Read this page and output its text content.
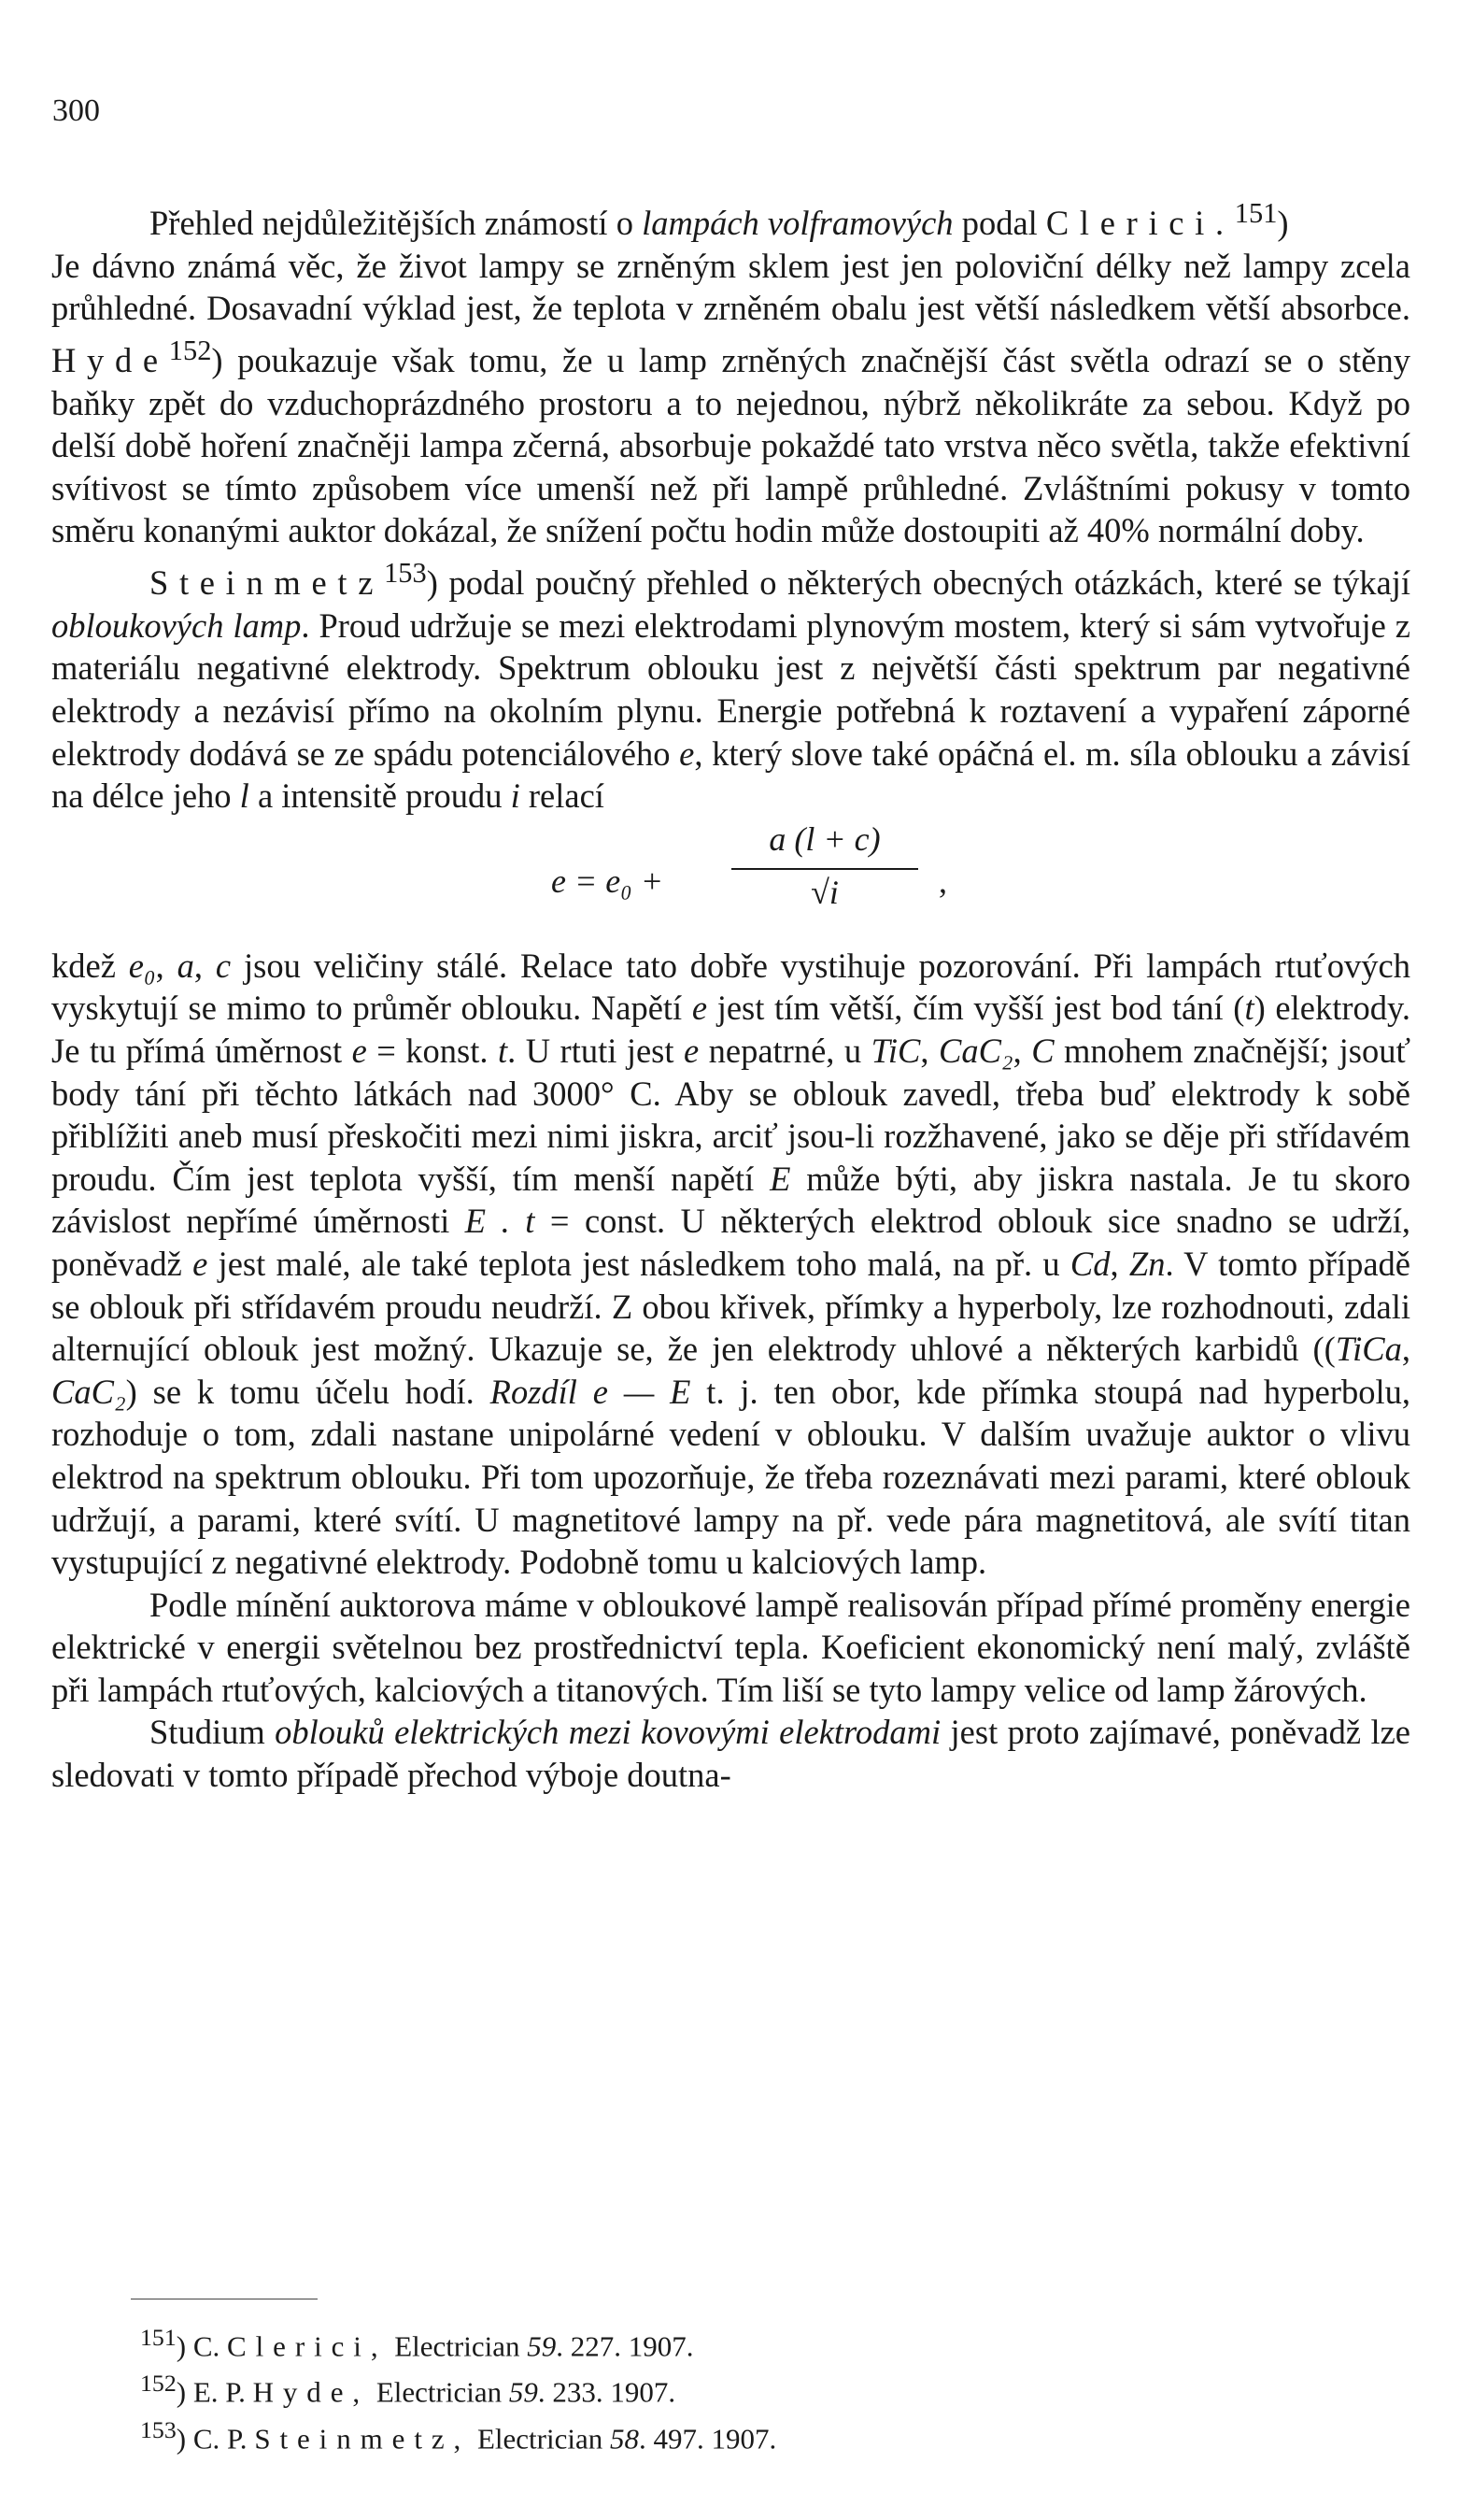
300

Přehled nejdůležitějších známostí o lampách volframových podal Clerici.$^{151}$)

Je dávno známá věc, že život lampy se zrněným sklem jest jen poloviční délky než lampy zcela průhledné. Dosavadní výklad jest, že teplota v zrněném obalu jest větší následkem větší absorbce. Hyde$^{152}$) poukazuje však tomu, že u lamp zrněných značnější část světla odrazí se o stěny baňky zpět do vzduchoprázdného prostoru a to nejednou, nýbrž několikráte za sebou. Když po delší době hoření značněji lampa zčerná, absorbuje pokaždé tato vrstva něco světla, takže efektivní svítivost se tímto způsobem více umenší než při lampě průhledné. Zvláštními pokusy v tomto směru konanými auktor dokázal, že snížení počtu hodin může dostoupiti až 40% normální doby.

Steinmetz$^{153}$) podal poučný přehled o některých obecných otázkách, které se týkají obloukových lamp. Proud udržuje se mezi elektrodami plynovým mostem, který si sám vytvořuje z materiálu negativné elektrody. Spektrum oblouku jest z největší části spektrum par negativné elektrody a nezávisí přímo na okolním plynu. Energie potřebná k roztavení a vypaření záporné elektrody dodává se ze spádu potenciálového e, který slove také opáčná el. m. síla oblouku a závisí na délce jeho l a intensitě proudu i relací

e = e₀ +
a (l + c)
√i	,

kdež e₀, a, c jsou veličiny stálé. Relace tato dobře vystihuje pozorování. Při lampách rtuťových vyskytují se mimo to průměr oblouku. Napětí e jest tím větší, čím vyšší jest bod tání (t) elektrody. Je tu přímá úměrnost e = konst. t. U rtuti jest e nepatrné, u TiC, CaC₂, C mnohem značnější; jsouť body tání při těchto látkách nad 3000° C. Aby se oblouk zavedl, třeba buď elektrody k sobě přiblížiti aneb musí přeskočiti mezi nimi jiskra, arciť jsou-li rozžhavené, jako se děje při střídavém proudu. Čím jest teplota vyšší, tím menší napětí E může býti, aby jiskra nastala. Je tu skoro závislost nepřímé úměrnosti E . t = const. U některých elektrod oblouk sice snadno se udrží, poněvadž e jest malé, ale také teplota jest následkem toho malá, na př. u Cd, Zn. V tomto případě se oblouk při střídavém proudu neudrží. Z obou křivek, přímky a hyperboly, lze rozhodnouti, zdali alternující oblouk jest možný. Ukazuje se, že jen elektrody uhlové a některých karbidů ((TiCa, CaC₂) se k tomu účelu hodí. Rozdíl e — E t. j. ten obor, kde přímka stoupá nad hyperbolu, rozhoduje o tom, zdali nastane unipolárné vedení v oblouku. V dalším uvažuje auktor o vlivu elektrod na spektrum oblouku. Při tom upozorňuje, že třeba rozeznávati mezi parami, které oblouk udržují, a parami, které svítí. U magnetitové lampy na př. vede pára magnetitová, ale svítí titan vystupující z negativné elektrody. Podobně tomu u kalciových lamp.

Podle mínění auktorova máme v obloukové lampě realisován případ přímé proměny energie elektrické v energii světelnou bez prostřednictví tepla. Koeficient ekonomický není malý, zvláště při lampách rtuťových, kalciových a titanových. Tím liší se tyto lampy velice od lamp žárových.

Studium oblouků elektrických mezi kovovými elektrodami jest proto zajímavé, poněvadž lze sledovati v tomto případě přechod výboje doutna-

$^{151}$) C. Clerici, Electrician 59. 227. 1907.
$^{152}$) E. P. Hyde, Electrician 59. 233. 1907.
$^{153}$) C. P. Steinmetz, Electrician 58. 497. 1907.
